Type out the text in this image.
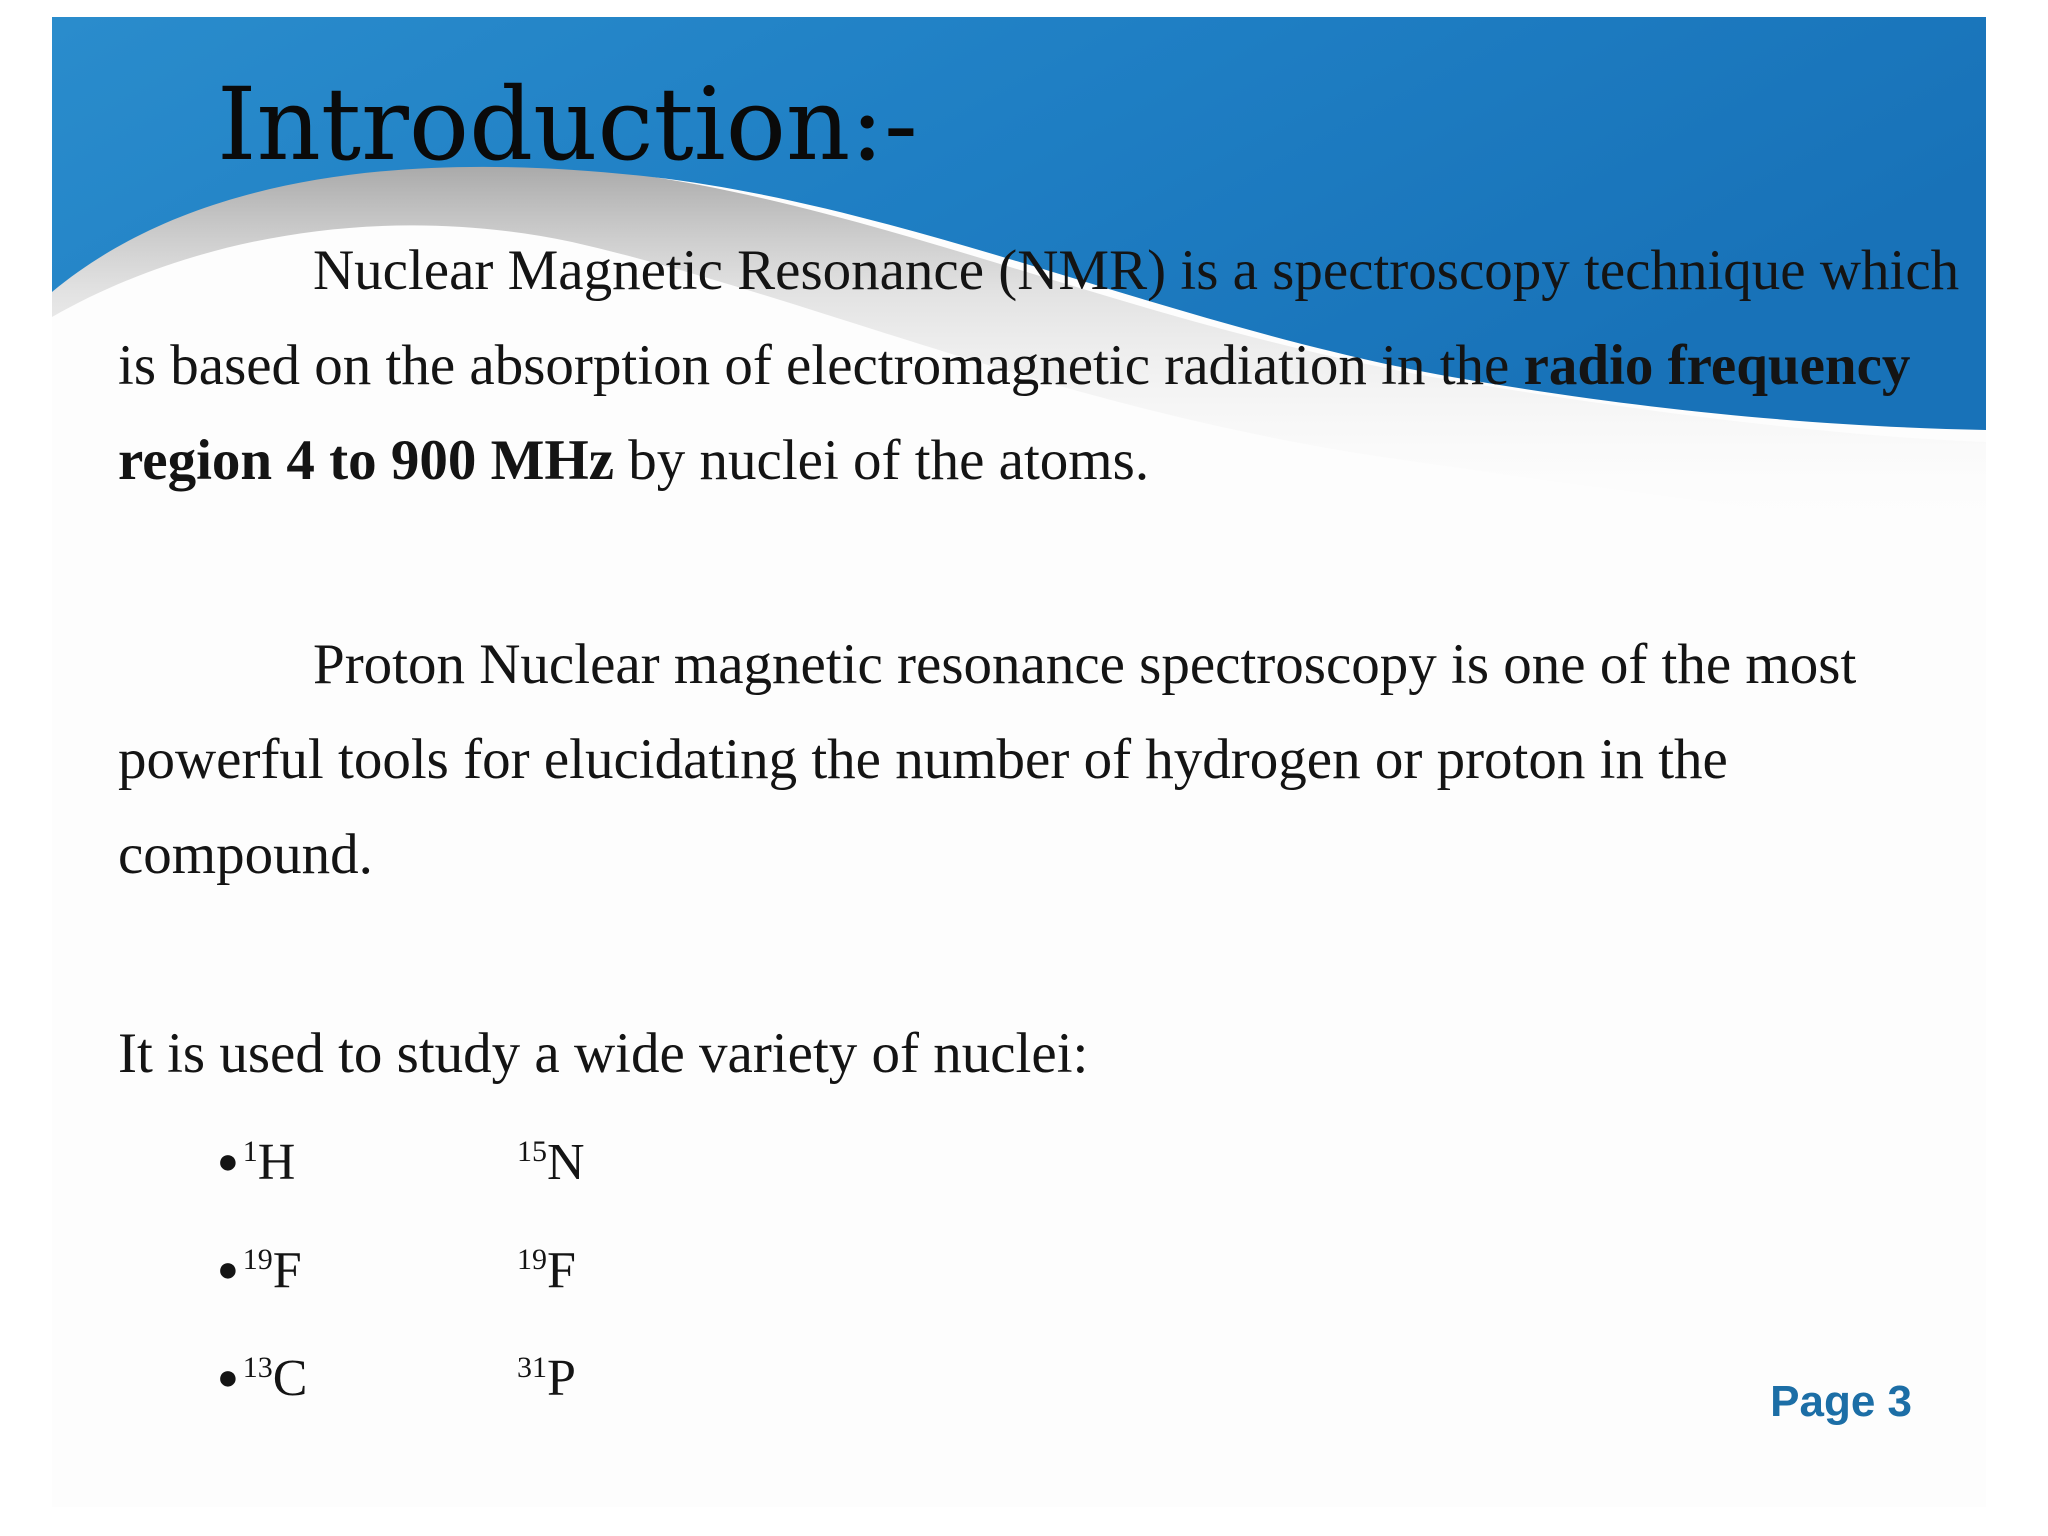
Introduction:-

Nuclear Magnetic Resonance (NMR) is a spectroscopy technique which is based on the absorption of electromagnetic radiation in the radio frequency region 4 to 900 MHz by nuclei of the atoms.

Proton Nuclear magnetic resonance spectroscopy is one of the most powerful tools for elucidating the number of hydrogen or proton in the compound.

It is used to study a wide variety of nuclei:

● $^1$H	$^{15}$N
● $^{19}$F	$^{19}$F
● $^{13}$C	$^{31}$P	Page 3
